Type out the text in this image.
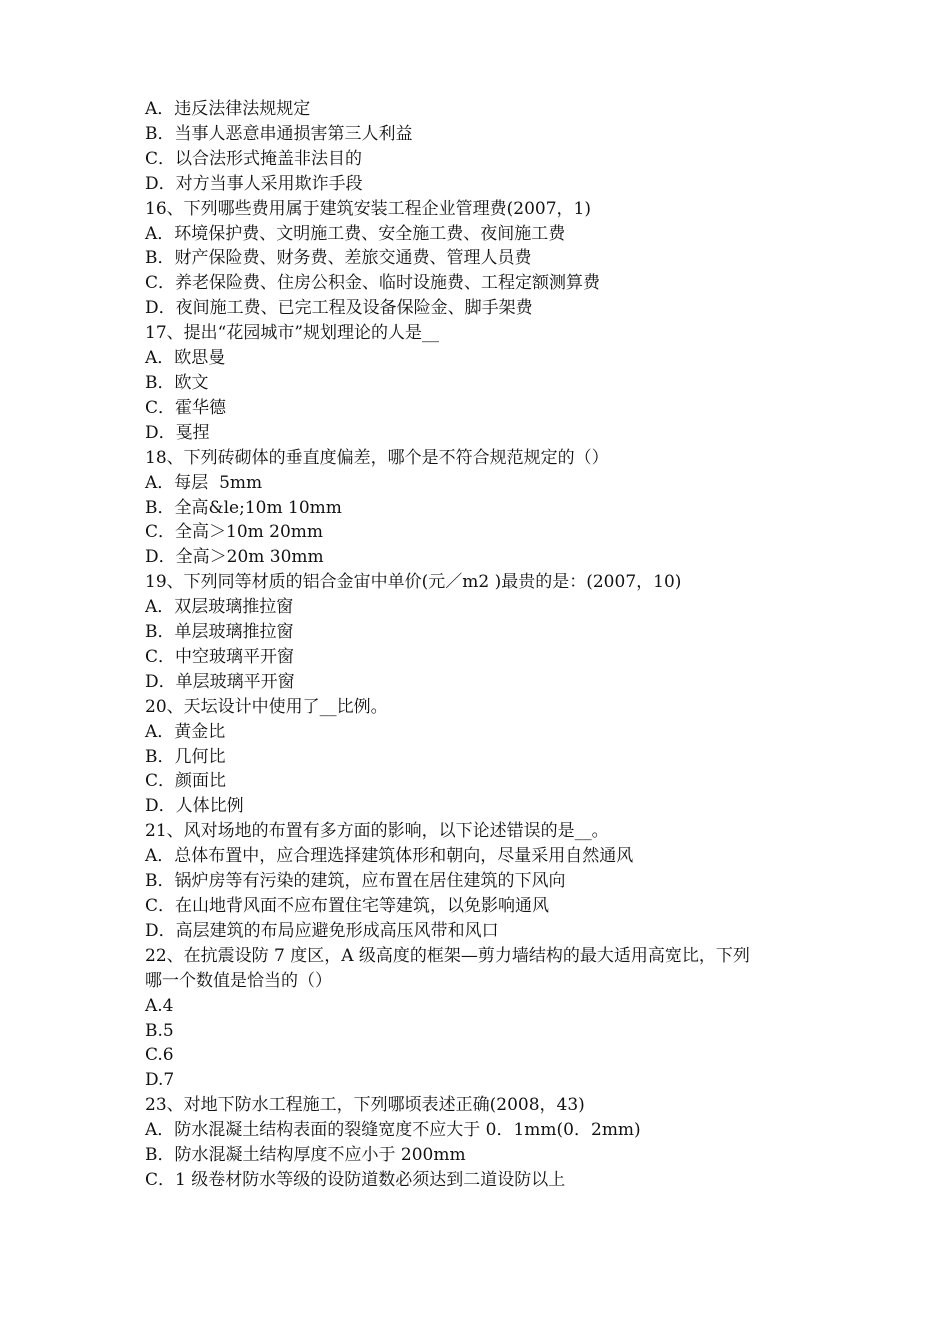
A．违反法律法规规定
B．当事人恶意串通损害第三人利益
C．以合法形式掩盖非法目的
D．对方当事人采用欺诈手段
16、下列哪些费用属于建筑安装工程企业管理费(2007，1)
A．环境保护费、文明施工费、安全施工费、夜间施工费
B．财产保险费、财务费、差旅交通费、管理人员费
C．养老保险费、住房公积金、临时设施费、工程定额测算费
D．夜间施工费、已完工程及设备保险金、脚手架费
17、提出“花园城市”规划理论的人是__
A．欧思曼
B．欧文
C．霍华德
D．戛捏
18、下列砖砌体的垂直度偏差，哪个是不符合规范规定的（）
A．每层  5mm
B．全高&le;10m 10mm
C．全高＞10m 20mm
D．全高＞20m 30mm
19、下列同等材质的铝合金宙中单价(元／m2 )最贵的是：(2007，10)
A．双层玻璃推拉窗
B．单层玻璃推拉窗
C．中空玻璃平开窗
D．单层玻璃平开窗
20、天坛设计中使用了__比例。
A．黄金比
B．几何比
C．颜面比
D．人体比例
21、风对场地的布置有多方面的影响，以下论述错误的是__。
A．总体布置中，应合理选择建筑体形和朝向，尽量采用自然通风
B．锅炉房等有污染的建筑，应布置在居住建筑的下风向
C．在山地背风面不应布置住宅等建筑，以免影响通风
D．高层建筑的布局应避免形成高压风带和风口
22、在抗震设防 7 度区，A 级高度的框架—剪力墙结构的最大适用高宽比，下列
哪一个数值是恰当的（）
A.4
B.5
C.6
D.7
23、对地下防水工程施工，下列哪顷表述正确(2008，43)
A．防水混凝土结构表面的裂缝宽度不应大于 0．1mm(0．2mm)
B．防水混凝土结构厚度不应小于 200mm
C．1 级卷材防水等级的设防道数必须达到二道设防以上
